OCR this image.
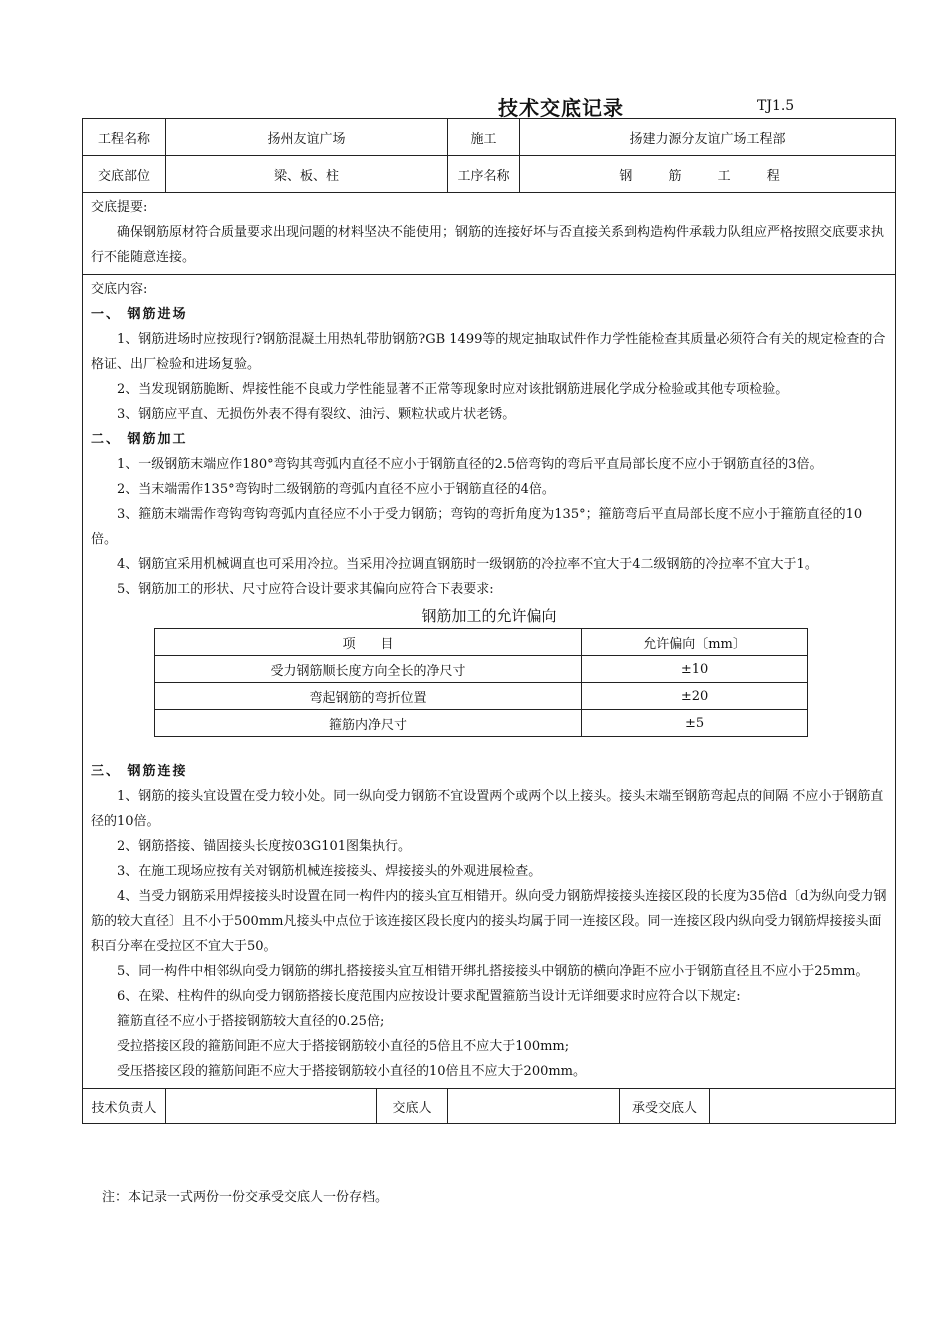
技术交底记录	TJ1.5
工程名称	扬州友谊广场	施工	扬建力源分友谊广场工程部
交底部位	梁、板、柱	工序名称	钢 筋 工 程

交底提要:
确保钢筋原材符合质量要求出现问题的材料坚决不能使用；钢筋的连接好坏与否直接关系到构造构件承载力队组应严格按照交底要求执行不能随意连接。

交底内容:
一、 钢筋进场
1、钢筋进场时应按现行?钢筋混凝土用热轧带肋钢筋?GB 1499等的规定抽取试件作力学性能检查其质量必须符合有关的规定检查的合格证、出厂检验和进场复验。
2、当发现钢筋脆断、焊接性能不良或力学性能显著不正常等现象时应对该批钢筋进展化学成分检验或其他专项检验。
3、钢筋应平直、无损伤外表不得有裂纹、油污、颗粒状或片状老锈。
二、 钢筋加工
1、一级钢筋末端应作180°弯钩其弯弧内直径不应小于钢筋直径的2.5倍弯钩的弯后平直局部长度不应小于钢筋直径的3倍。
2、当末端需作135°弯钩时二级钢筋的弯弧内直径不应小于钢筋直径的4倍。
3、箍筋末端需作弯钩弯钩弯弧内直径应不小于受力钢筋；弯钩的弯折角度为135°；箍筋弯后平直局部长度不应小于箍筋直径的10倍。
4、钢筋宜采用机械调直也可采用冷拉。当采用冷拉调直钢筋时一级钢筋的冷拉率不宜大于4二级钢筋的冷拉率不宜大于1。
5、钢筋加工的形状、尺寸应符合设计要求其偏向应符合下表要求:
钢筋加工的允许偏向
项      目	允许偏向〔mm〕
受力钢筋顺长度方向全长的净尺寸	±10
弯起钢筋的弯折位置	±20
箍筋内净尺寸	±5
三、 钢筋连接
1、钢筋的接头宜设置在受力较小处。同一纵向受力钢筋不宜设置两个或两个以上接头。接头末端至钢筋弯起点的间隔 不应小于钢筋直径的10倍。
2、钢筋搭接、锚固接头长度按03G101图集执行。
3、在施工现场应按有关对钢筋机械连接接头、焊接接头的外观进展检查。
4、当受力钢筋采用焊接接头时设置在同一构件内的接头宜互相错开。纵向受力钢筋焊接接头连接区段的长度为35倍d〔d为纵向受力钢筋的较大直径〕且不小于500mm凡接头中点位于该连接区段长度内的接头均属于同一连接区段。同一连接区段内纵向受力钢筋焊接接头面积百分率在受拉区不宜大于50。
5、同一构件中相邻纵向受力钢筋的绑扎搭接接头宜互相错开绑扎搭接接头中钢筋的横向净距不应小于钢筋直径且不应小于25mm。
6、在梁、柱构件的纵向受力钢筋搭接长度范围内应按设计要求配置箍筋当设计无详细要求时应符合以下规定:
箍筋直径不应小于搭接钢筋较大直径的0.25倍;
受拉搭接区段的箍筋间距不应大于搭接钢筋较小直径的5倍且不应大于100mm;
受压搭接区段的箍筋间距不应大于搭接钢筋较小直径的10倍且不应大于200mm。

技术负责人		交底人		承受交底人	
注：本记录一式两份一份交承受交底人一份存档。
